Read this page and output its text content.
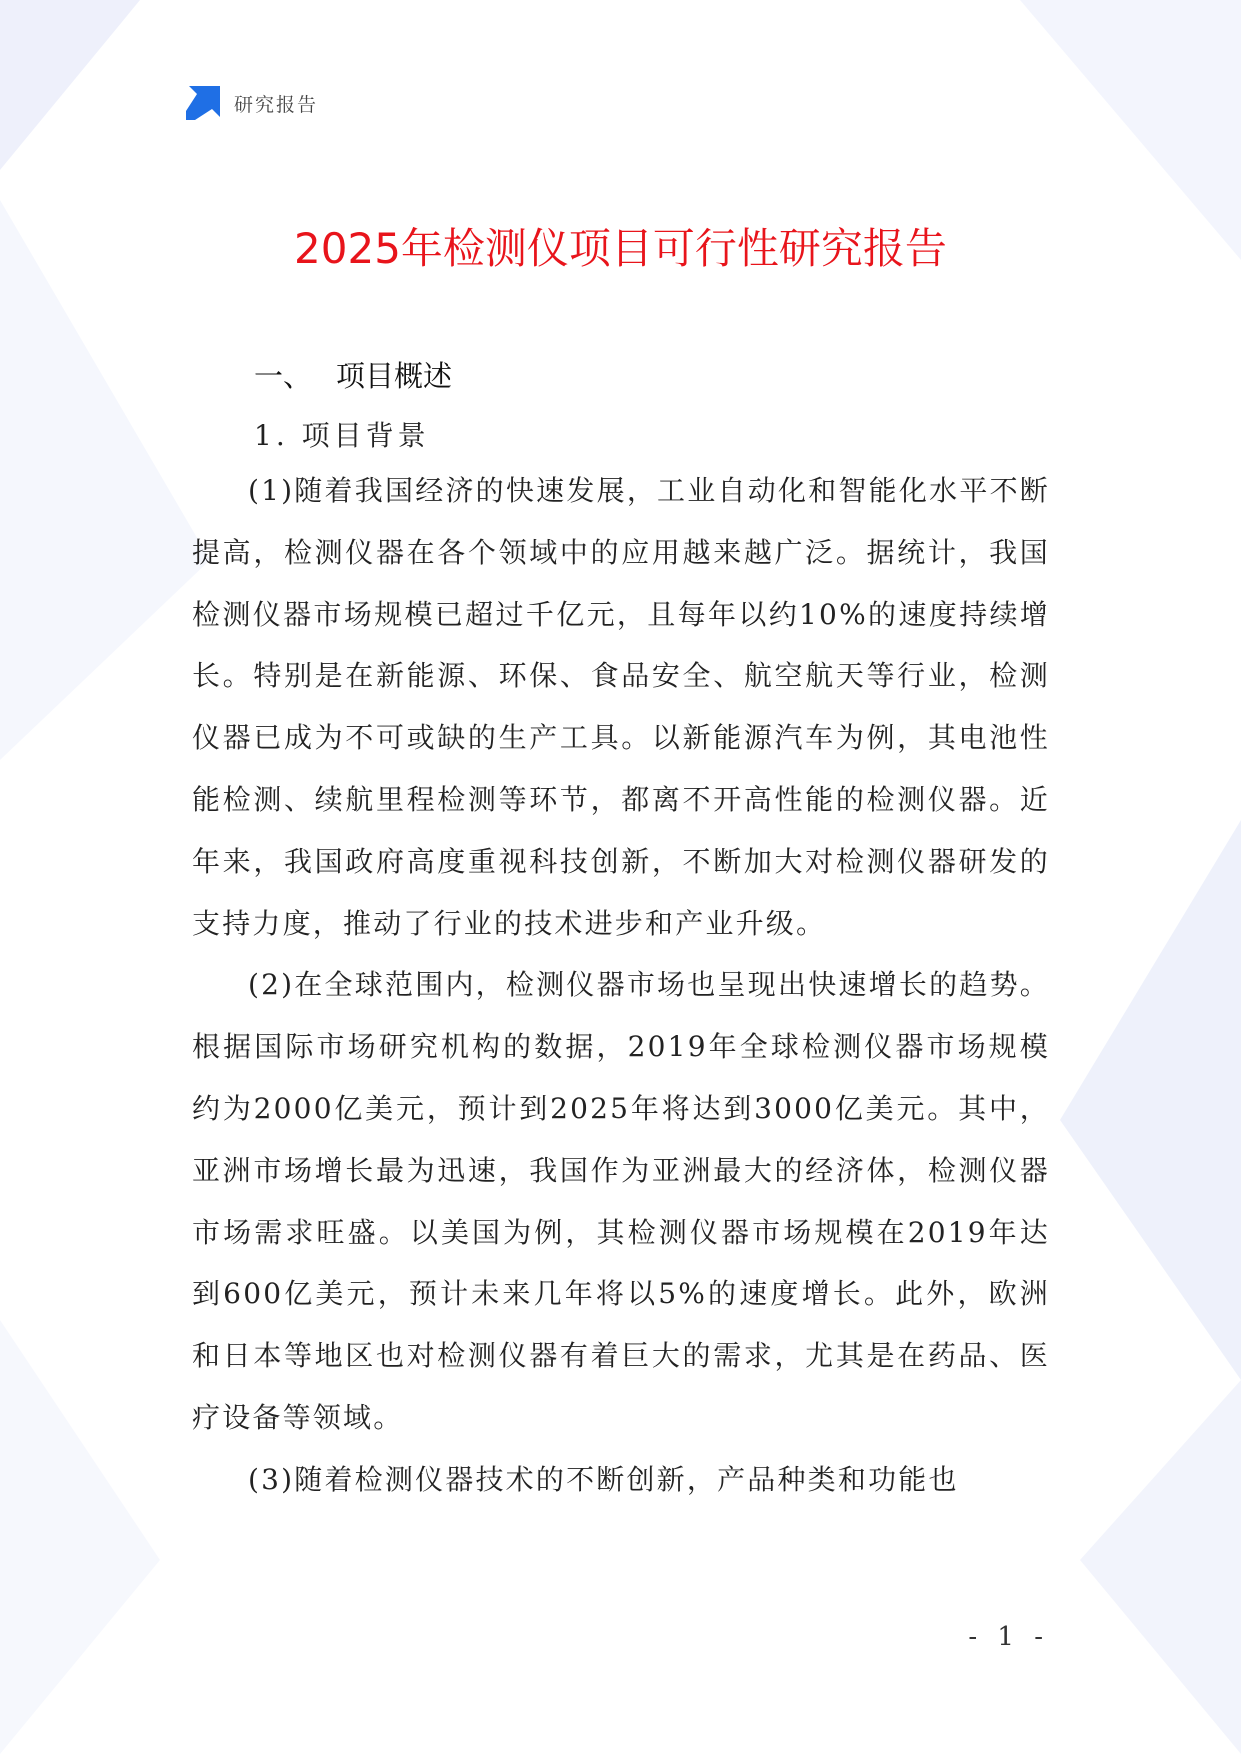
研究报告
2025年检测仪项目可行性研究报告
一、 项目概述
1. 项目背景

(1)随着我国经济的快速发展，工业自动化和智能化水平不断提高，检测仪器在各个领域中的应用越来越广泛。据统计，我国检测仪器市场规模已超过千亿元，且每年以约10%的速度持续增长。特别是在新能源、环保、食品安全、航空航天等行业，检测仪器已成为不可或缺的生产工具。以新能源汽车为例，其电池性能检测、续航里程检测等环节，都离不开高性能的检测仪器。近年来，我国政府高度重视科技创新，不断加大对检测仪器研发的支持力度，推动了行业的技术进步和产业升级。

(2)在全球范围内，检测仪器市场也呈现出快速增长的趋势。根据国际市场研究机构的数据，2019年全球检测仪器市场规模约为2000亿美元，预计到2025年将达到3000亿美元。其中，亚洲市场增长最为迅速，我国作为亚洲最大的经济体，检测仪器市场需求旺盛。以美国为例，其检测仪器市场规模在2019年达到600亿美元，预计未来几年将以5%的速度增长。此外，欧洲和日本等地区也对检测仪器有着巨大的需求，尤其是在药品、医疗设备等领域。

(3)随着检测仪器技术的不断创新，产品种类和功能也

- 1 -
